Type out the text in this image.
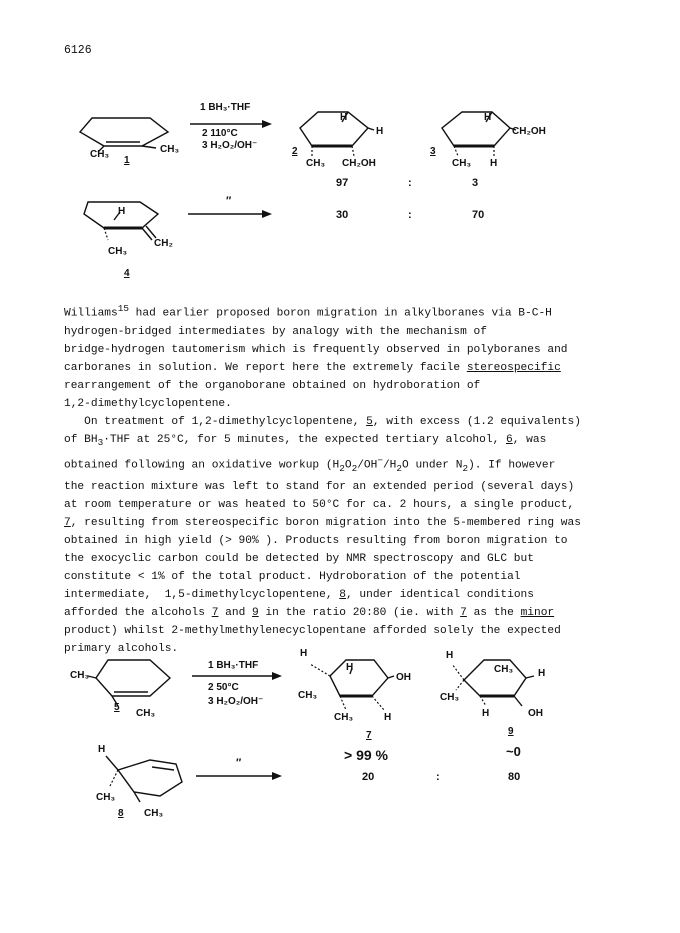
6126
CH₃	CH₃
1
1 BH₃·THF
2 110°C
3 H₂O₂/OH⁻
H
H
CH₃ CH₂OH
2
H
CH₂OH
CH₃ H
3
97	:	3
H
CH₂
CH₃
4
″
30	:	70

Williams$^{15}$ had earlier proposed boron migration in alkylboranes via B-C-H
hydrogen-bridged intermediates by analogy with the mechanism of
bridge-hydrogen tautomerism which is frequently observed in polyboranes and
carboranes in solution. We report here the extremely facile stereospecific
rearrangement of the organoborane obtained on hydroboration of
1,2-dimethylcyclopentene.

On treatment of 1,2-dimethylcyclopentene, 5, with excess (1.2 equivalents)
of $BH_3\cdot THF$ at 25°C, for 5 minutes, the expected tertiary alcohol, 6, was
obtained following an oxidative workup ($H_2O_2/OH^-/H_2O$ under $N_2$). If however
the reaction mixture was left to stand for an extended period (several days)
at room temperature or was heated to 50°C for ca. 2 hours, a single product,
7, resulting from stereospecific boron migration into the 5-membered ring was
obtained in high yield (> 90% ). Products resulting from boron migration to
the exocyclic carbon could be detected by NMR spectroscopy and GLC but
constitute < 1% of the total product. Hydroboration of the potential
intermediate,  1,5-dimethylcyclopentene, 8, under identical conditions
afforded the alcohols 7 and 9 in the ratio 20:80 (ie. with 7 as the minor
product) whilst 2-methylmethylenecyclopentane afforded solely the expected
primary alcohols.

CH₃
CH₃
5
1 BH₃·THF
2 50°C
3 H₂O₂/OH⁻
H
H
OH
CH₃
CH₃	H
7
> 99 %
H
CH₃ H
CH₃
H	OH
9
~0
H
CH₃
CH₃
8
″
20	:	80
